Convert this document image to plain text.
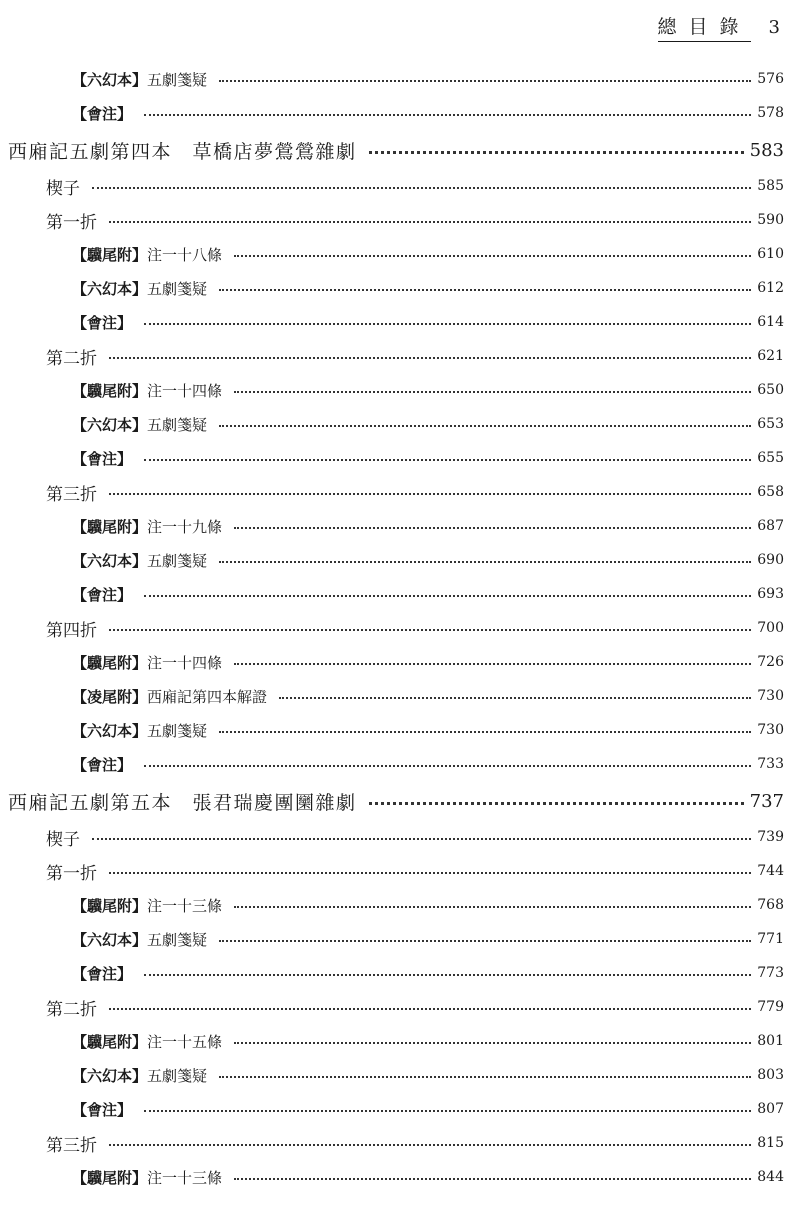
總目錄 3
【六幻本】五劇箋疑	576
【會注】	578
西廂記五劇第四本　草橋店夢鶯鶯雜劇	583
楔子	585
第一折	590
【驥尾附】注一十八條	610
【六幻本】五劇箋疑	612
【會注】	614
第二折	621
【驥尾附】注一十四條	650
【六幻本】五劇箋疑	653
【會注】	655
第三折	658
【驥尾附】注一十九條	687
【六幻本】五劇箋疑	690
【會注】	693
第四折	700
【驥尾附】注一十四條	726
【凌尾附】西廂記第四本解證	730
【六幻本】五劇箋疑	730
【會注】	733
西廂記五劇第五本　張君瑞慶團圞雜劇	737
楔子	739
第一折	744
【驥尾附】注一十三條	768
【六幻本】五劇箋疑	771
【會注】	773
第二折	779
【驥尾附】注一十五條	801
【六幻本】五劇箋疑	803
【會注】	807
第三折	815
【驥尾附】注一十三條	844
